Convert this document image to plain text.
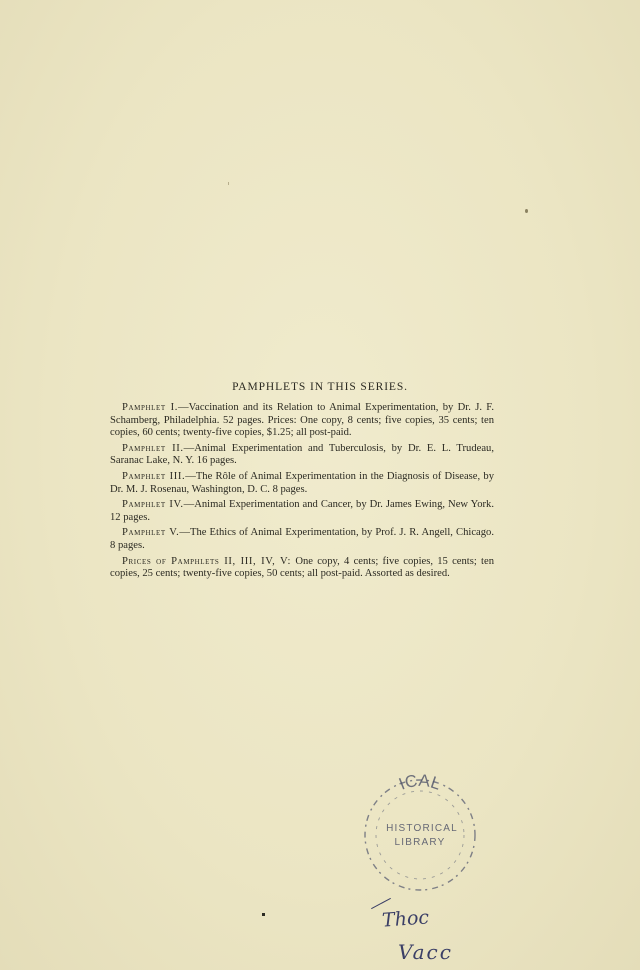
PAMPHLETS IN THIS SERIES.

Pamphlet I.—Vaccination and its Relation to Animal Experimentation, by Dr. J. F. Schamberg, Philadelphia. 52 pages. Prices: One copy, 8 cents; five copies, 35 cents; ten copies, 60 cents; twenty-five copies, $1.25; all post-paid.

Pamphlet II.—Animal Experimentation and Tuberculosis, by Dr. E. L. Trudeau, Saranac Lake, N. Y. 16 pages.

Pamphlet III.—The Rôle of Animal Experimentation in the Diagnosis of Disease, by Dr. M. J. Rosenau, Washington, D. C. 8 pages.

Pamphlet IV.—Animal Experimentation and Cancer, by Dr. James Ewing, New York. 12 pages.

Pamphlet V.—The Ethics of Animal Experimentation, by Prof. J. R. Angell, Chicago. 8 pages.

Prices of Pamphlets II, III, IV, V: One copy, 4 cents; five copies, 15 cents; ten copies, 25 cents; twenty-five copies, 50 cents; all post-paid. Assorted as desired.

ICAL
HISTORICAL
LIBRARY
Thoc
Vacc
